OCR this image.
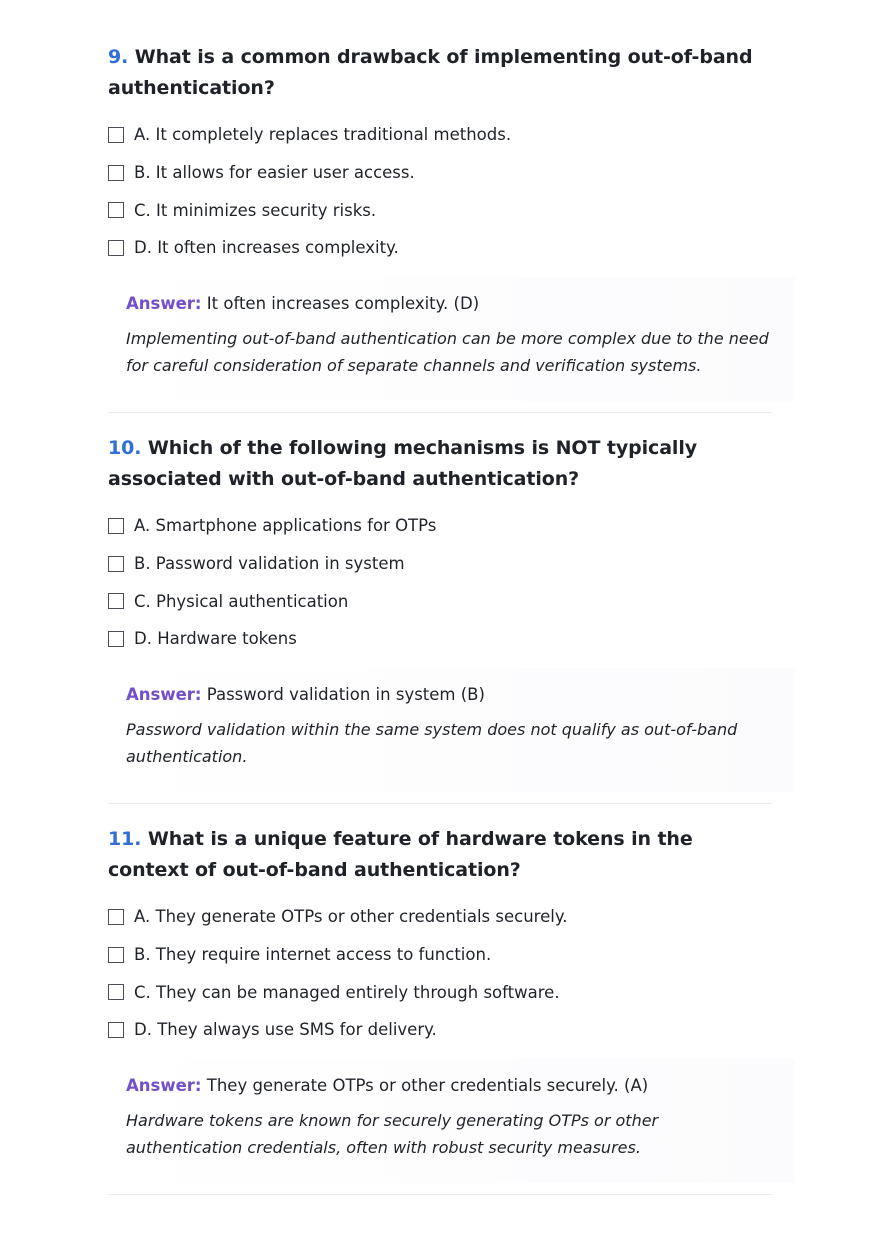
9. What is a common drawback of implementing out-of-band authentication?
A. It completely replaces traditional methods.
B. It allows for easier user access.
C. It minimizes security risks.
D. It often increases complexity.
Answer: It often increases complexity. (D)
Implementing out-of-band authentication can be more complex due to the need for careful consideration of separate channels and verification systems.
10. Which of the following mechanisms is NOT typically associated with out-of-band authentication?
A. Smartphone applications for OTPs
B. Password validation in system
C. Physical authentication
D. Hardware tokens
Answer: Password validation in system (B)
Password validation within the same system does not qualify as out-of-band authentication.
11. What is a unique feature of hardware tokens in the context of out-of-band authentication?
A. They generate OTPs or other credentials securely.
B. They require internet access to function.
C. They can be managed entirely through software.
D. They always use SMS for delivery.
Answer: They generate OTPs or other credentials securely. (A)
Hardware tokens are known for securely generating OTPs or other authentication credentials, often with robust security measures.
